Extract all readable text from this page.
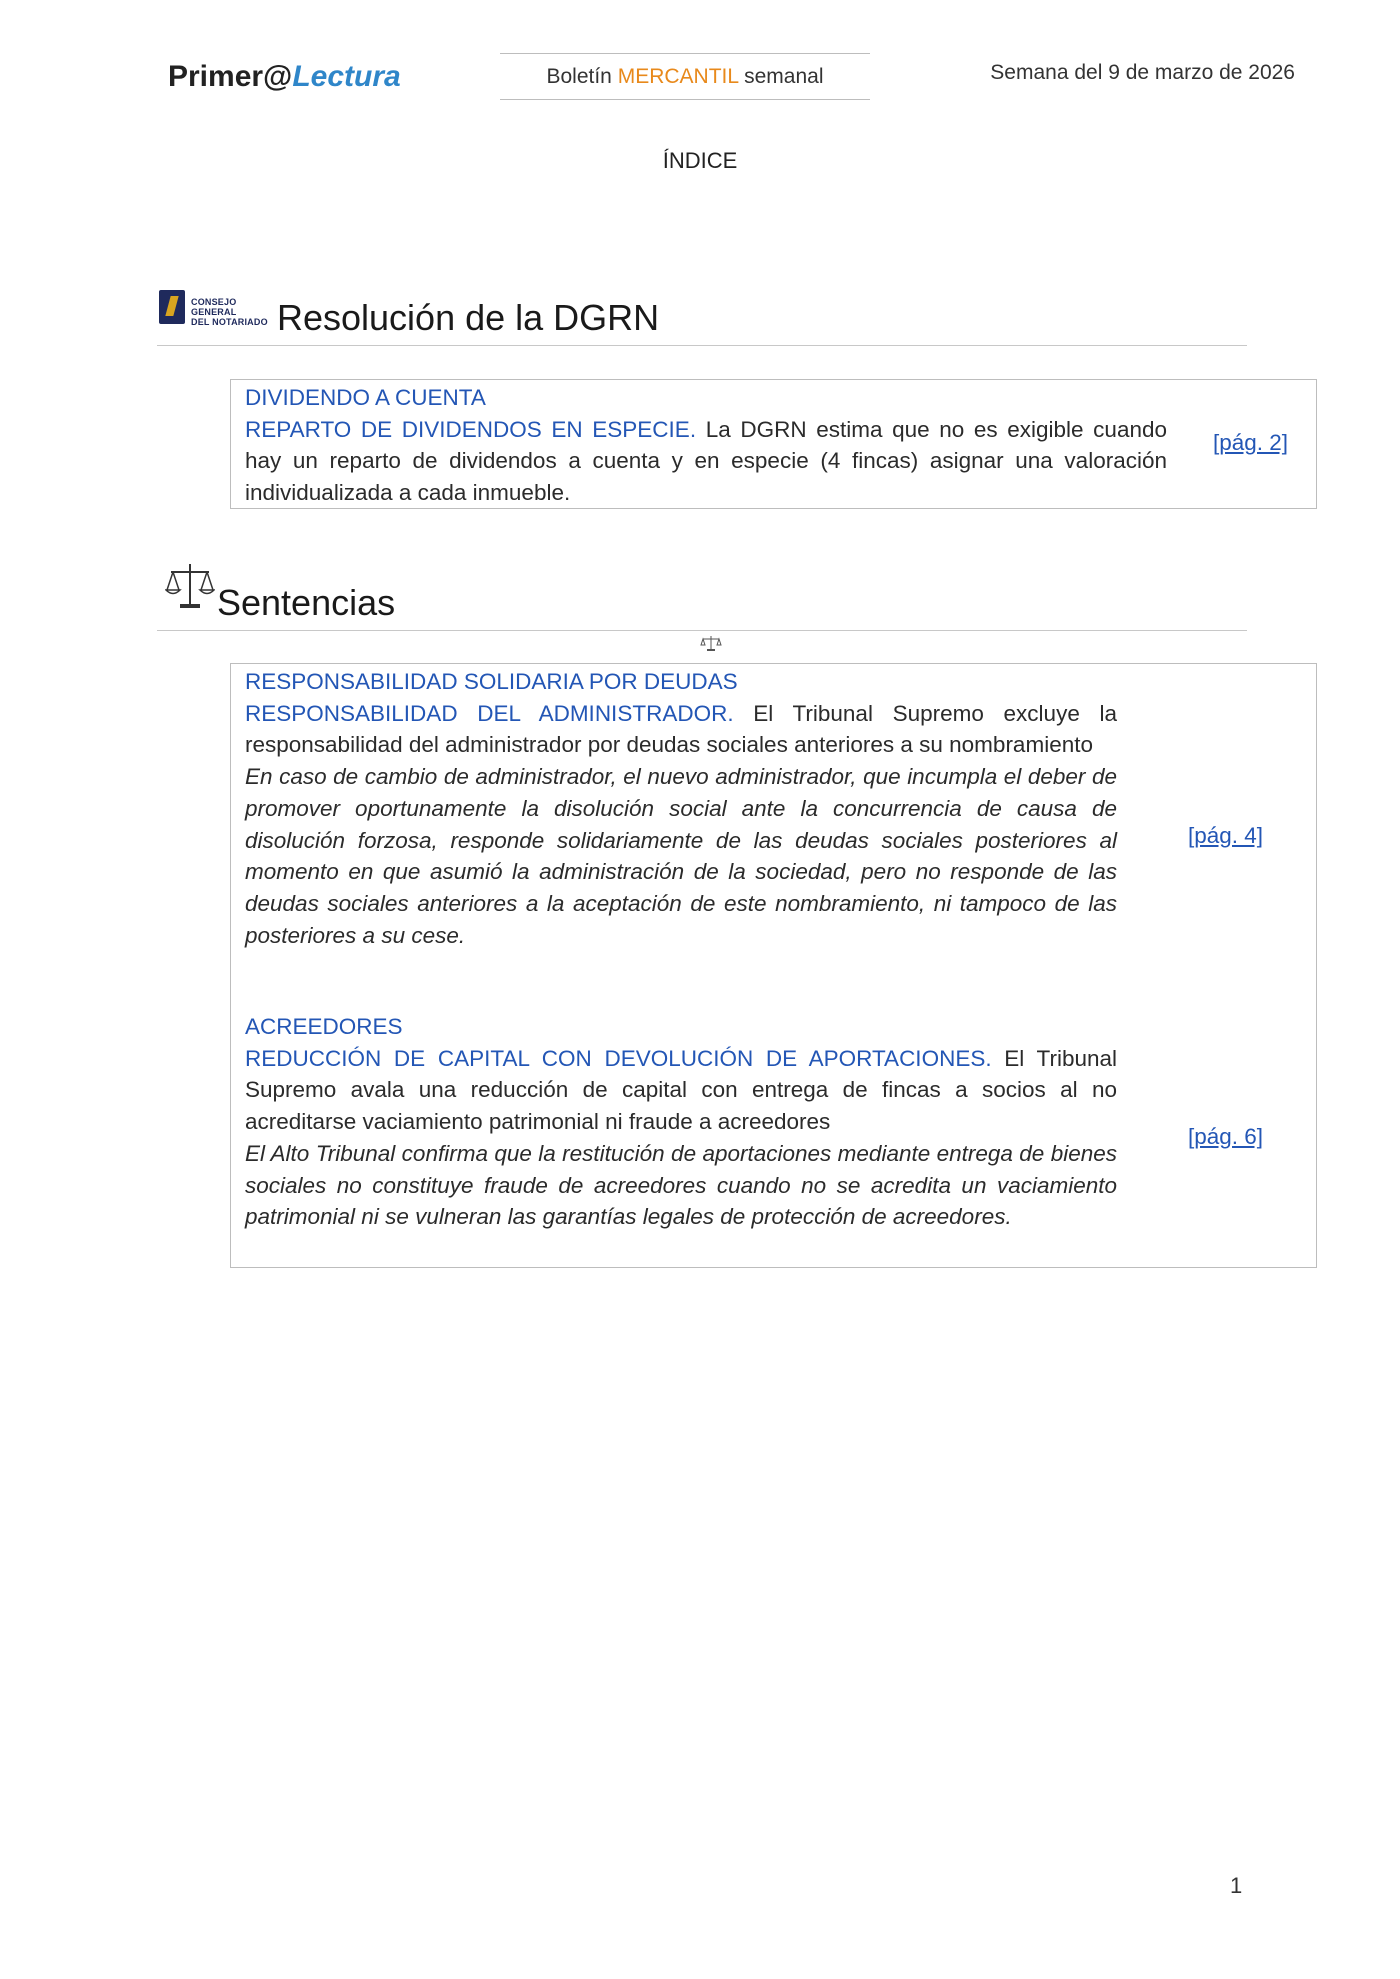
Primer@Lectura	Boletín MERCANTIL semanal	Semana del 9 de marzo de 2026
ÍNDICE
CONSEJO GENERAL
DEL NOTARIADO Resolución de la DGRN

DIVIDENDO A CUENTA

REPARTO DE DIVIDENDOS EN ESPECIE. La DGRN estima que no es exigible cuando hay un reparto de dividendos a cuenta y en especie (4 fincas) asignar una valoración individualizada a cada inmueble.

[pág. 2]
Sentencias

RESPONSABILIDAD SOLIDARIA POR DEUDAS

RESPONSABILIDAD DEL ADMINISTRADOR. El Tribunal Supremo excluye la responsabilidad del administrador por deudas sociales anteriores a su nombramiento

En caso de cambio de administrador, el nuevo administrador, que incumpla el deber de promover oportunamente la disolución social ante la concurrencia de causa de disolución forzosa, responde solidariamente de las deudas sociales posteriores al momento en que asumió la administración de la sociedad, pero no responde de las deudas sociales anteriores a la aceptación de este nombramiento, ni tampoco de las posteriores a su cese.

[pág. 4]

ACREEDORES

REDUCCIÓN DE CAPITAL CON DEVOLUCIÓN DE APORTACIONES. El Tribunal Supremo avala una reducción de capital con entrega de fincas a socios al no acreditarse vaciamiento patrimonial ni fraude a acreedores

El Alto Tribunal confirma que la restitución de aportaciones mediante entrega de bienes sociales no constituye fraude de acreedores cuando no se acredita un vaciamiento patrimonial ni se vulneran las garantías legales de protección de acreedores.

[pág. 6]
1
